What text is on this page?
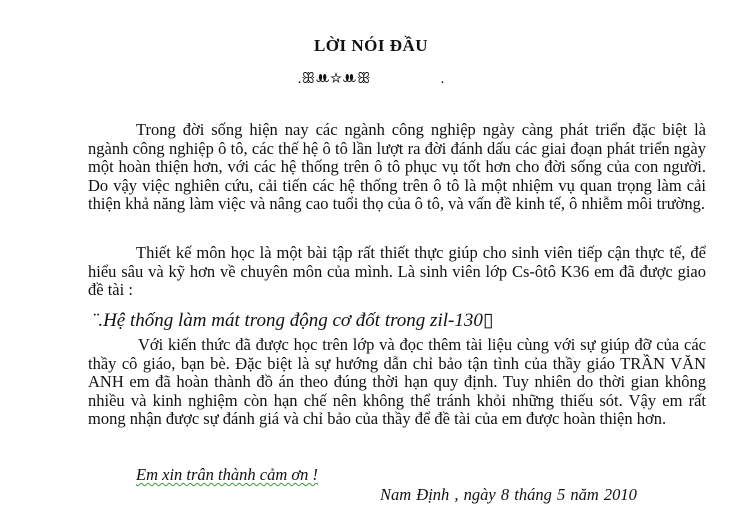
LỜI NÓI ĐẦU
.ꕥꔚ☆ꔚꕥ	.

Trong đời sống hiện nay các ngành công nghiệp ngày càng phát triển đặc biệt là ngành công nghiệp ô tô, các thế hệ ô tô lần lượt ra đời đánh dấu các giai đoạn phát triển ngày một hoàn thiện hơn, với các hệ thống trên ô tô phục vụ tốt hơn cho đời sống của con người. Do vậy việc nghiên cứu, cải tiến các hệ thống trên ô tô là một nhiệm vụ quan trọng làm cải thiện khả năng làm việc và nâng cao tuổi thọ của ô tô, và vấn đề kinh tế, ô nhiễm môi trường.

Thiết kế môn học là một bài tập rất thiết thực giúp cho sinh viên tiếp cận thực tế, để hiểu sâu và kỹ hơn về chuyên môn của mình. Là sinh viên lớp Cs-ôtô K36 em đã được giao đề tài :

¨.Hệ thống làm mát trong động cơ đốt trong zil-130▯

Với kiến thức đã được học trên lớp và đọc thêm tài liệu cùng với sự giúp đỡ của các thầy cô giáo, bạn bè. Đặc biệt là sự hướng dẫn chỉ bảo tận tình của thầy giáo TRẦN VĂN ANH em đã hoàn thành đồ án theo đúng thời hạn quy định. Tuy nhiên do thời gian không nhiều và kinh nghiệm còn hạn chế nên không thể tránh khỏi những thiếu sót. Vậy em rất mong nhận được sự đánh giá và chỉ bảo của thầy để đề tài của em được hoàn thiện hơn.

Em xin trân thành cảm ơn !
Nam Định , ngày 8 tháng 5 năm 2010
